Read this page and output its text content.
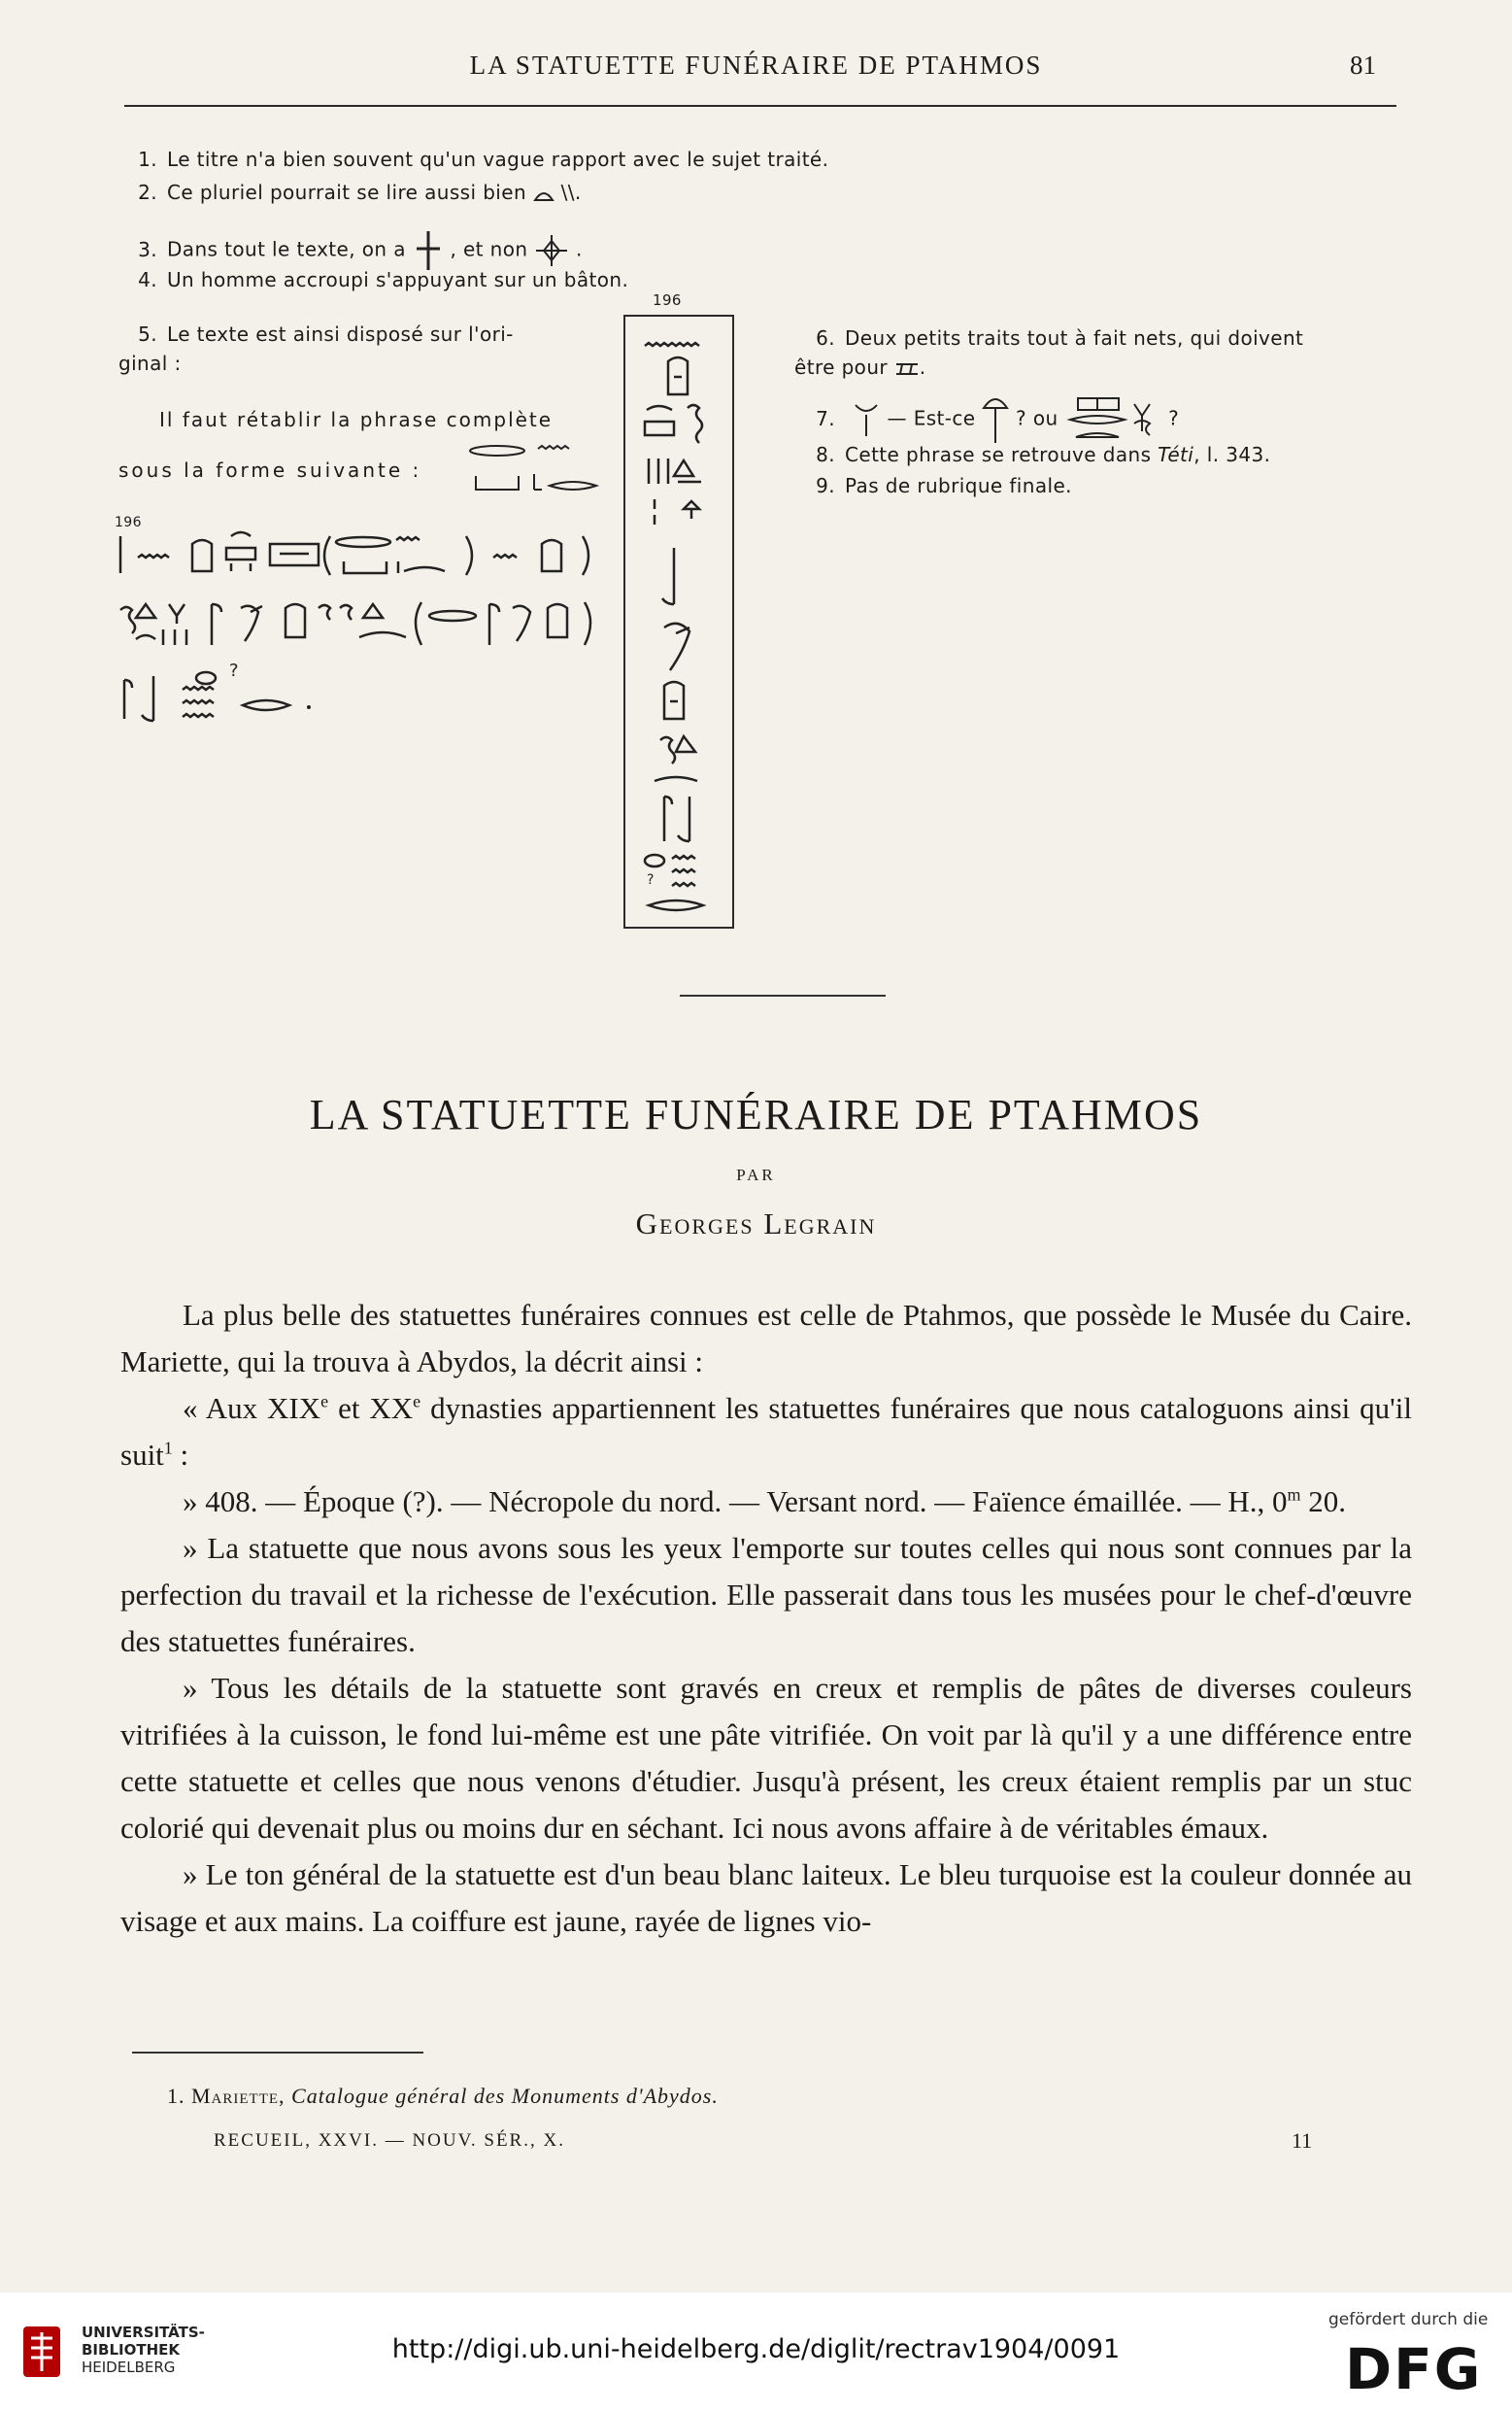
LA STATUETTE FUNÉRAIRE DE PTAHMOS	81
1. Le titre n'a bien souvent qu'un vague rapport avec le sujet traité.
2. Ce pluriel pourrait se lire aussi bien \\.
3. Dans tout le texte, on a , et non .
4. Un homme accroupi s'appuyant sur un bâton.
5. Le texte est ainsi disposé sur l'ori-
ginal :
Il faut rétablir la phrase complète
sous la forme suivante :
196
?
196
?
6. Deux petits traits tout à fait nets, qui doivent
être pour .
7.	— Est-ce ? ou	?
8. Cette phrase se retrouve dans Téti, l. 343.
9. Pas de rubrique finale.
LA STATUETTE FUNÉRAIRE DE PTAHMOS
PAR
Georges Legrain

La plus belle des statuettes funéraires connues est celle de Ptahmos, que possède le Musée du Caire. Mariette, qui la trouva à Abydos, la décrit ainsi :

« Aux XIXe et XXe dynasties appartiennent les statuettes funéraires que nous cataloguons ainsi qu'il suit$^1$ :

» 408. — Époque (?). — Nécropole du nord. — Versant nord. — Faïence émaillée. — H., 0$^m$ 20.

» La statuette que nous avons sous les yeux l'emporte sur toutes celles qui nous sont connues par la perfection du travail et la richesse de l'exécution. Elle passerait dans tous les musées pour le chef-d'œuvre des statuettes funéraires.

» Tous les détails de la statuette sont gravés en creux et remplis de pâtes de diverses couleurs vitrifiées à la cuisson, le fond lui-même est une pâte vitrifiée. On voit par là qu'il y a une différence entre cette statuette et celles que nous venons d'étudier. Jusqu'à présent, les creux étaient remplis par un stuc colorié qui devenait plus ou moins dur en séchant. Ici nous avons affaire à de véritables émaux.

» Le ton général de la statuette est d'un beau blanc laiteux. Le bleu turquoise est la couleur donnée au visage et aux mains. La coiffure est jaune, rayée de lignes vio-

1. Mariette, Catalogue général des Monuments d'Abydos.
RECUEIL, XXVI. — NOUV. SÉR., X.	11
UNIVERSITÄTS-
BIBLIOTHEK
HEIDELBERG
http://digi.ub.uni-heidelberg.de/diglit/rectrav1904/0091
gefördert durch die
DFG
